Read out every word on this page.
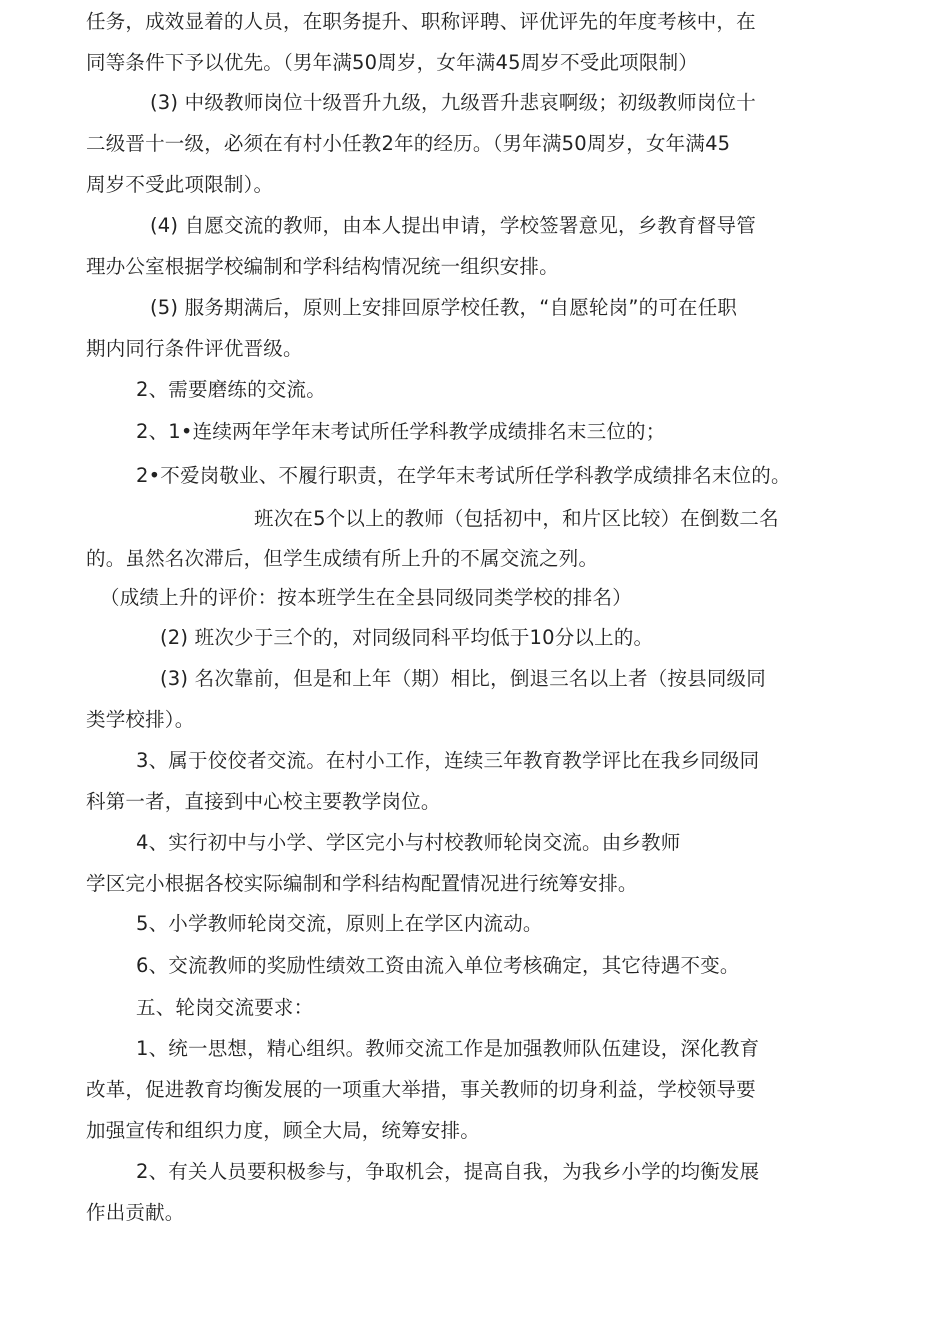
任务，成效显着的人员，在职务提升、职称评聘、评优评先的年度考核中，在
同等条件下予以优先。（男年满50周岁，女年满45周岁不受此项限制）
(3) 中级教师岗位十级晋升九级，九级晋升悲哀啊级；初级教师岗位十
二级晋十一级，必须在有村小任教2年的经历。（男年满50周岁，女年满45
周岁不受此项限制）。
(4) 自愿交流的教师，由本人提出申请，学校签署意见，乡教育督导管
理办公室根据学校编制和学科结构情况统一组织安排。
(5) 服务期满后，原则上安排回原学校任教，“自愿轮岗”的可在任职
期内同行条件评优晋级。
2、需要磨练的交流。
2、1•连续两年学年末考试所任学科教学成绩排名末三位的；
2•不爱岗敬业、不履行职责，在学年末考试所任学科教学成绩排名末位的。
班次在5个以上的教师（包括初中，和片区比较）在倒数二名
的。虽然名次滞后，但学生成绩有所上升的不属交流之列。
（成绩上升的评价：按本班学生在全县同级同类学校的排名）
(2) 班次少于三个的，对同级同科平均低于10分以上的。
(3) 名次靠前，但是和上年（期）相比，倒退三名以上者（按县同级同
类学校排）。
3、属于佼佼者交流。在村小工作，连续三年教育教学评比在我乡同级同
科第一者，直接到中心校主要教学岗位。
4、实行初中与小学、学区完小与村校教师轮岗交流。由乡教师
学区完小根据各校实际编制和学科结构配置情况进行统筹安排。
5、小学教师轮岗交流，原则上在学区内流动。
6、交流教师的奖励性绩效工资由流入单位考核确定，其它待遇不变。
五、轮岗交流要求：
1、统一思想，精心组织。教师交流工作是加强教师队伍建设，深化教育
改革，促进教育均衡发展的一项重大举措，事关教师的切身利益，学校领导要
加强宣传和组织力度，顾全大局，统筹安排。
2、有关人员要积极参与，争取机会，提高自我，为我乡小学的均衡发展
作出贡献。
